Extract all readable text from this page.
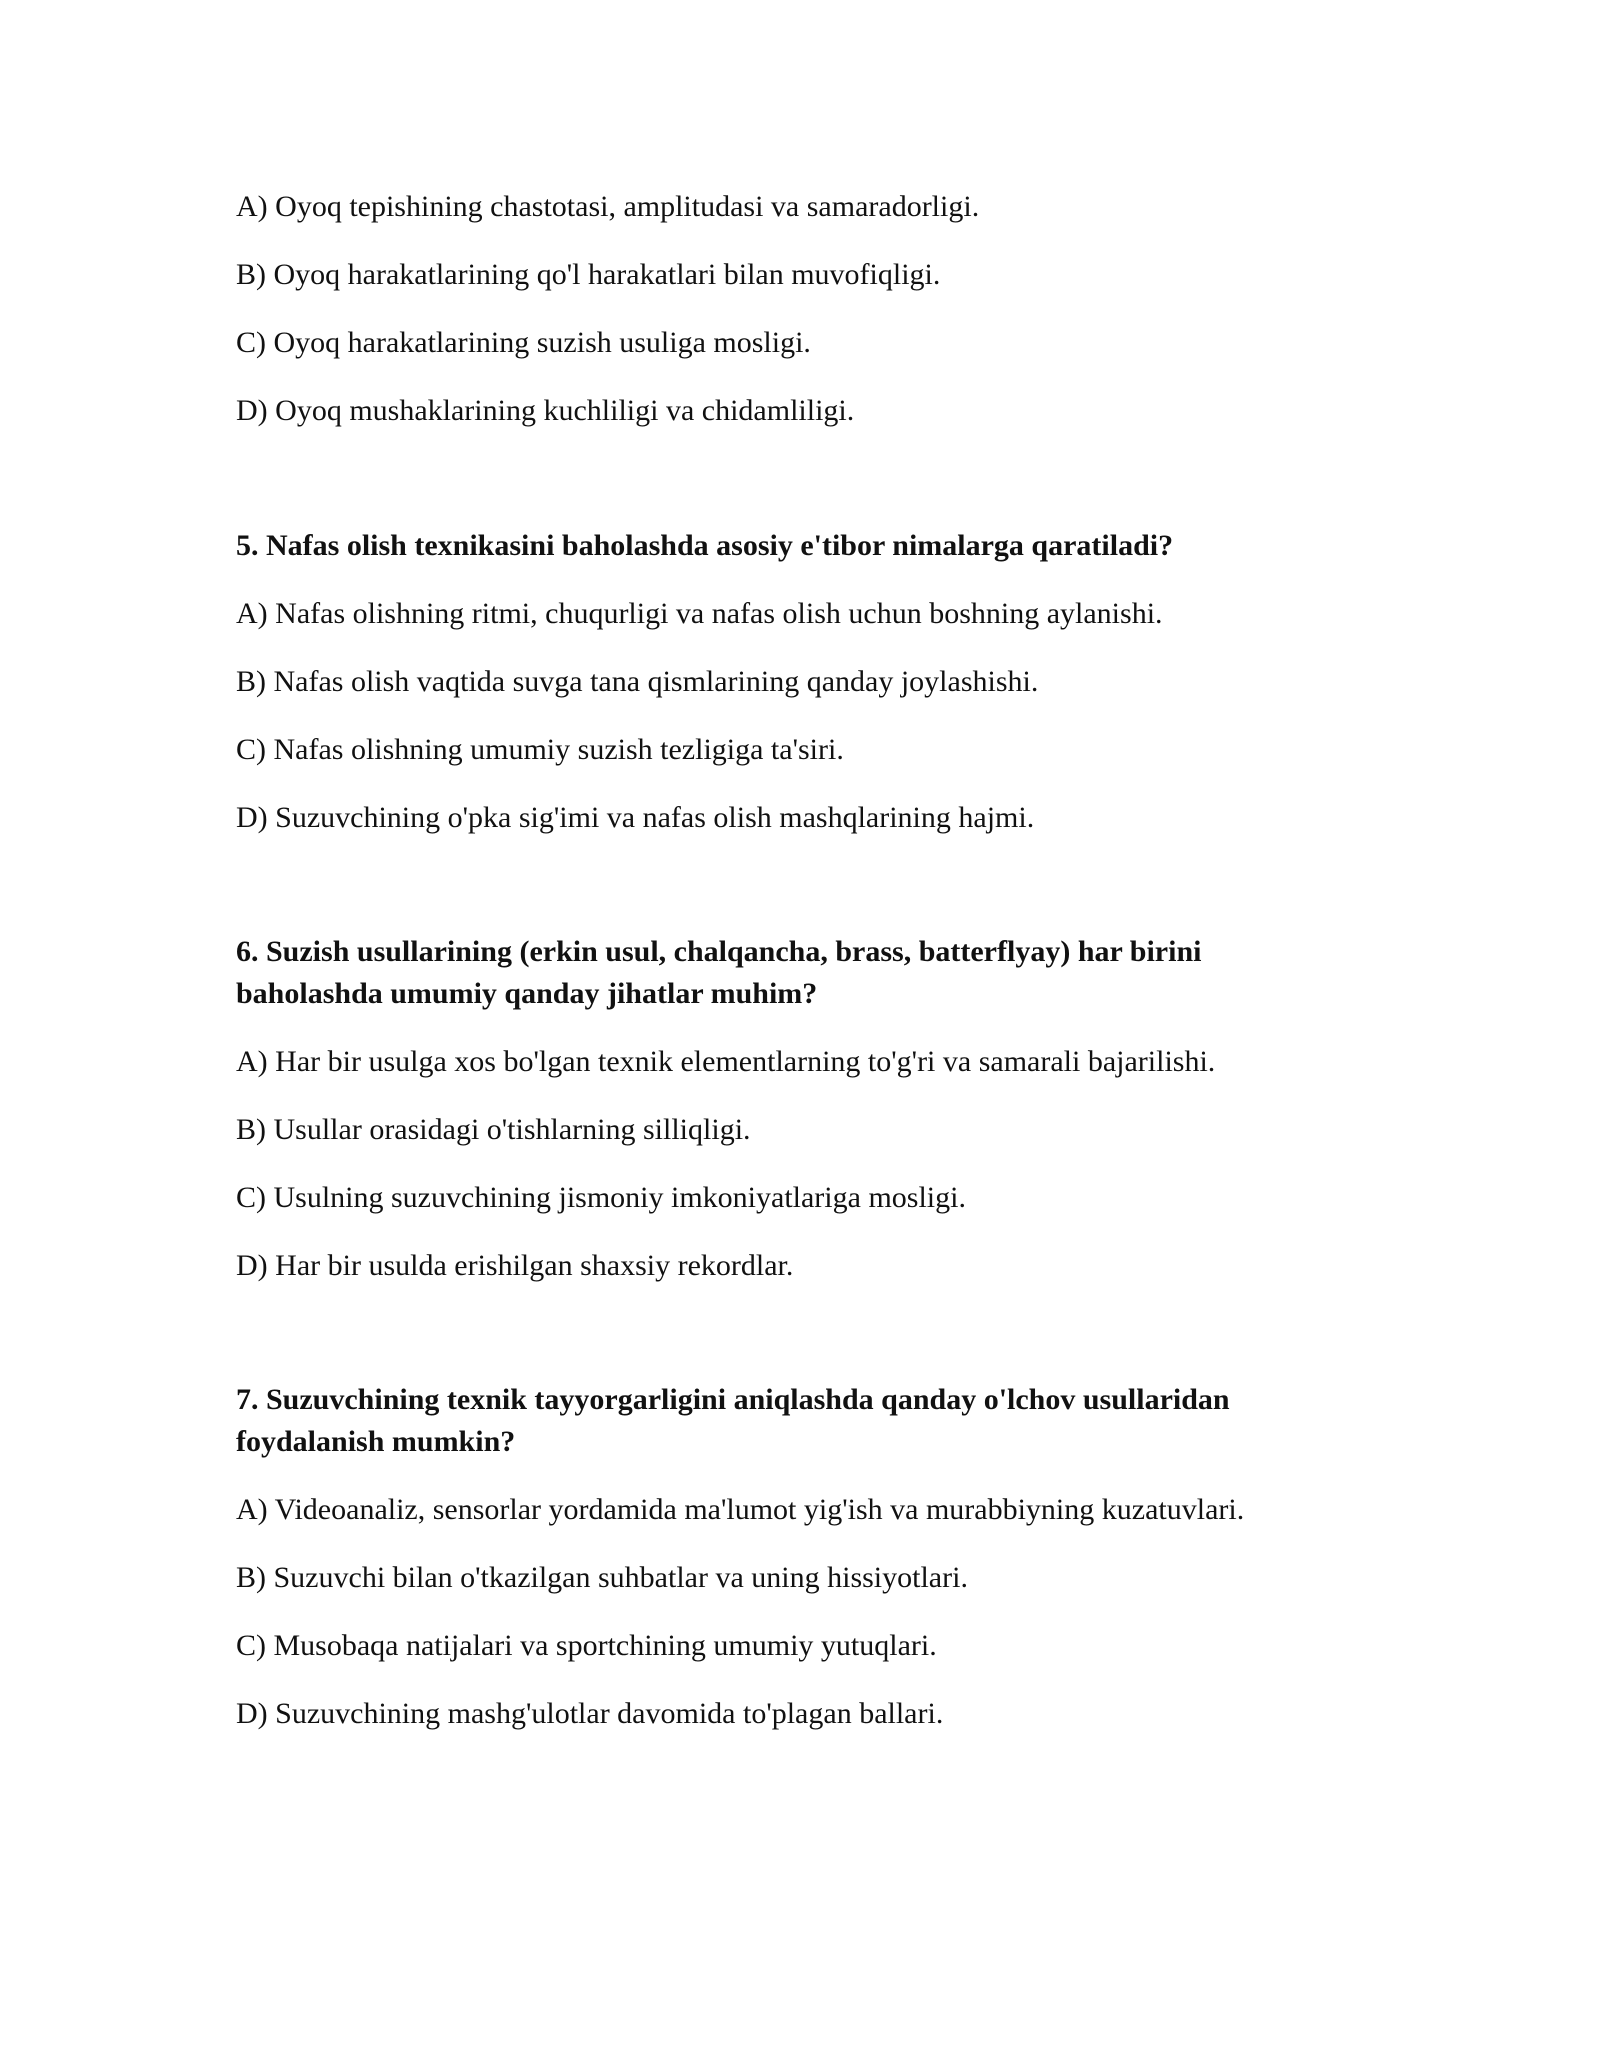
A) Oyoq tepishining chastotasi, amplitudasi va samaradorligi.

B) Oyoq harakatlarining qo'l harakatlari bilan muvofiqligi.

C) Oyoq harakatlarining suzish usuliga mosligi.

D) Oyoq mushaklarining kuchliligi va chidamliligi.

5. Nafas olish texnikasini baholashda asosiy e'tibor nimalarga qaratiladi?

A) Nafas olishning ritmi, chuqurligi va nafas olish uchun boshning aylanishi.

B) Nafas olish vaqtida suvga tana qismlarining qanday joylashishi.

C) Nafas olishning umumiy suzish tezligiga ta'siri.

D) Suzuvchining o'pka sig'imi va nafas olish mashqlarining hajmi.

6. Suzish usullarining (erkin usul, chalqancha, brass, batterflyay) har birini

baholashda umumiy qanday jihatlar muhim?

A) Har bir usulga xos bo'lgan texnik elementlarning to'g'ri va samarali bajarilishi.

B) Usullar orasidagi o'tishlarning silliqligi.

C) Usulning suzuvchining jismoniy imkoniyatlariga mosligi.

D) Har bir usulda erishilgan shaxsiy rekordlar.

7. Suzuvchining texnik tayyorgarligini aniqlashda qanday o'lchov usullaridan

foydalanish mumkin?

A) Videoanaliz, sensorlar yordamida ma'lumot yig'ish va murabbiyning kuzatuvlari.

B) Suzuvchi bilan o'tkazilgan suhbatlar va uning hissiyotlari.

C) Musobaqa natijalari va sportchining umumiy yutuqlari.

D) Suzuvchining mashg'ulotlar davomida to'plagan ballari.
